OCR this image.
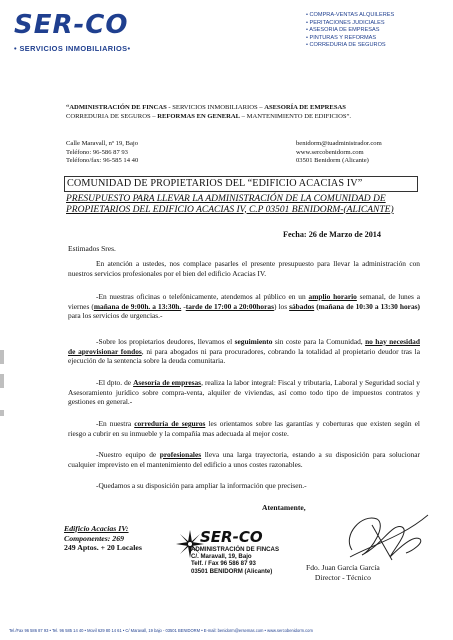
SER-CO
• SERVICIOS INMOBILIARIOS•
• COMPRA-VENTAS ALQUILERES
• PERITACIONES JUDICIALES
• ASESORIA DE EMPRESAS
• PINTURAS Y REFORMAS
• CORREDURIA DE SEGUROS
“ADMINISTRACIÓN DE FINCAS - SERVICIOS INMOBILIARIOS – ASESORÍA DE EMPRESAS
CORREDURIA DE SEGUROS – REFORMAS EN GENERAL – MANTENIMIENTO DE EDIFICIOS”.
Calle Maravall, nº 19, Bajo
Teléfono: 96-586 87 93
Teléfono/fax: 96-585 14 40
benidorm@tuadministrador.com
www.sercobenidorm.com
03501 Benidorm (Alicante)
COMUNIDAD DE PROPIETARIOS DEL “EDIFICIO ACACIAS IV”
PRESUPUESTO PARA LLEVAR LA ADMINISTRACIÓN DE LA COMUNIDAD DE
PROPIETARIOS DEL EDIFICIO ACACIAS IV, C.P 03501 BENIDORM-(ALICANTE)
Fecha: 26 de Marzo de 2014
Estimados Sres.
En atención a ustedes, nos complace pasarles el presente presupuesto para llevar la administración con nuestros servicios profesionales por el bien del edificio Acacias IV.
-En nuestras oficinas o telefónicamente, atendemos al público en un amplio horario semanal, de lunes a viernes (mañana de 9:00h. a 13:30h. -tarde de 17:00 a 20:00horas) los sábados (mañana de 10:30 a 13:30 horas) para los servicios de urgencias.-
-Sobre los propietarios deudores, llevamos el seguimiento sin coste para la Comunidad, no hay necesidad de aprovisionar fondos, ni para abogados ni para procuradores, cobrando la totalidad al propietario deudor tras la ejecución de la sentencia sobre la deuda comunitaria.
-El dpto. de Asesoría de empresas, realiza la labor integral: Fiscal y tributaria, Laboral y Seguridad social y Asesoramiento jurídico sobre compra-venta, alquiler de viviendas, así como todo tipo de impuestos contratos y gestiones en general.-
-En nuestra correduría de seguros les orientamos sobre las garantías y coberturas que existen según el riesgo a cubrir en su inmueble y la compañía mas adecuada al mejor coste.
-Nuestro equipo de profesionales lleva una larga trayectoria, estando a su disposición para solucionar cualquier imprevisto en el mantenimiento del edificio a unos costes razonables.
-Quedamos a su disposición para ampliar la información que precisen.-
Atentamente,
Edificio Acacias IV:
Componentes: 269
249 Aptos. + 20 Locales
SER-CO
ADMINISTRACIÓN DE FINCAS
C/. Maravall, 19, Bajo
Telf. / Fax 96 586 87 93
03501 BENIDORM (Alicante)	Fdo. Juan García García
Director - Técnico
Tel./Fax 96 586 87 93 • Tel. 96 585 14 40 • Movil 629 80 14 61 • C/ Maravall, 19 bajo - 03501 BENIDORM • E-mail: benidorm@ersemas.com • www.sercobenidorm.com
